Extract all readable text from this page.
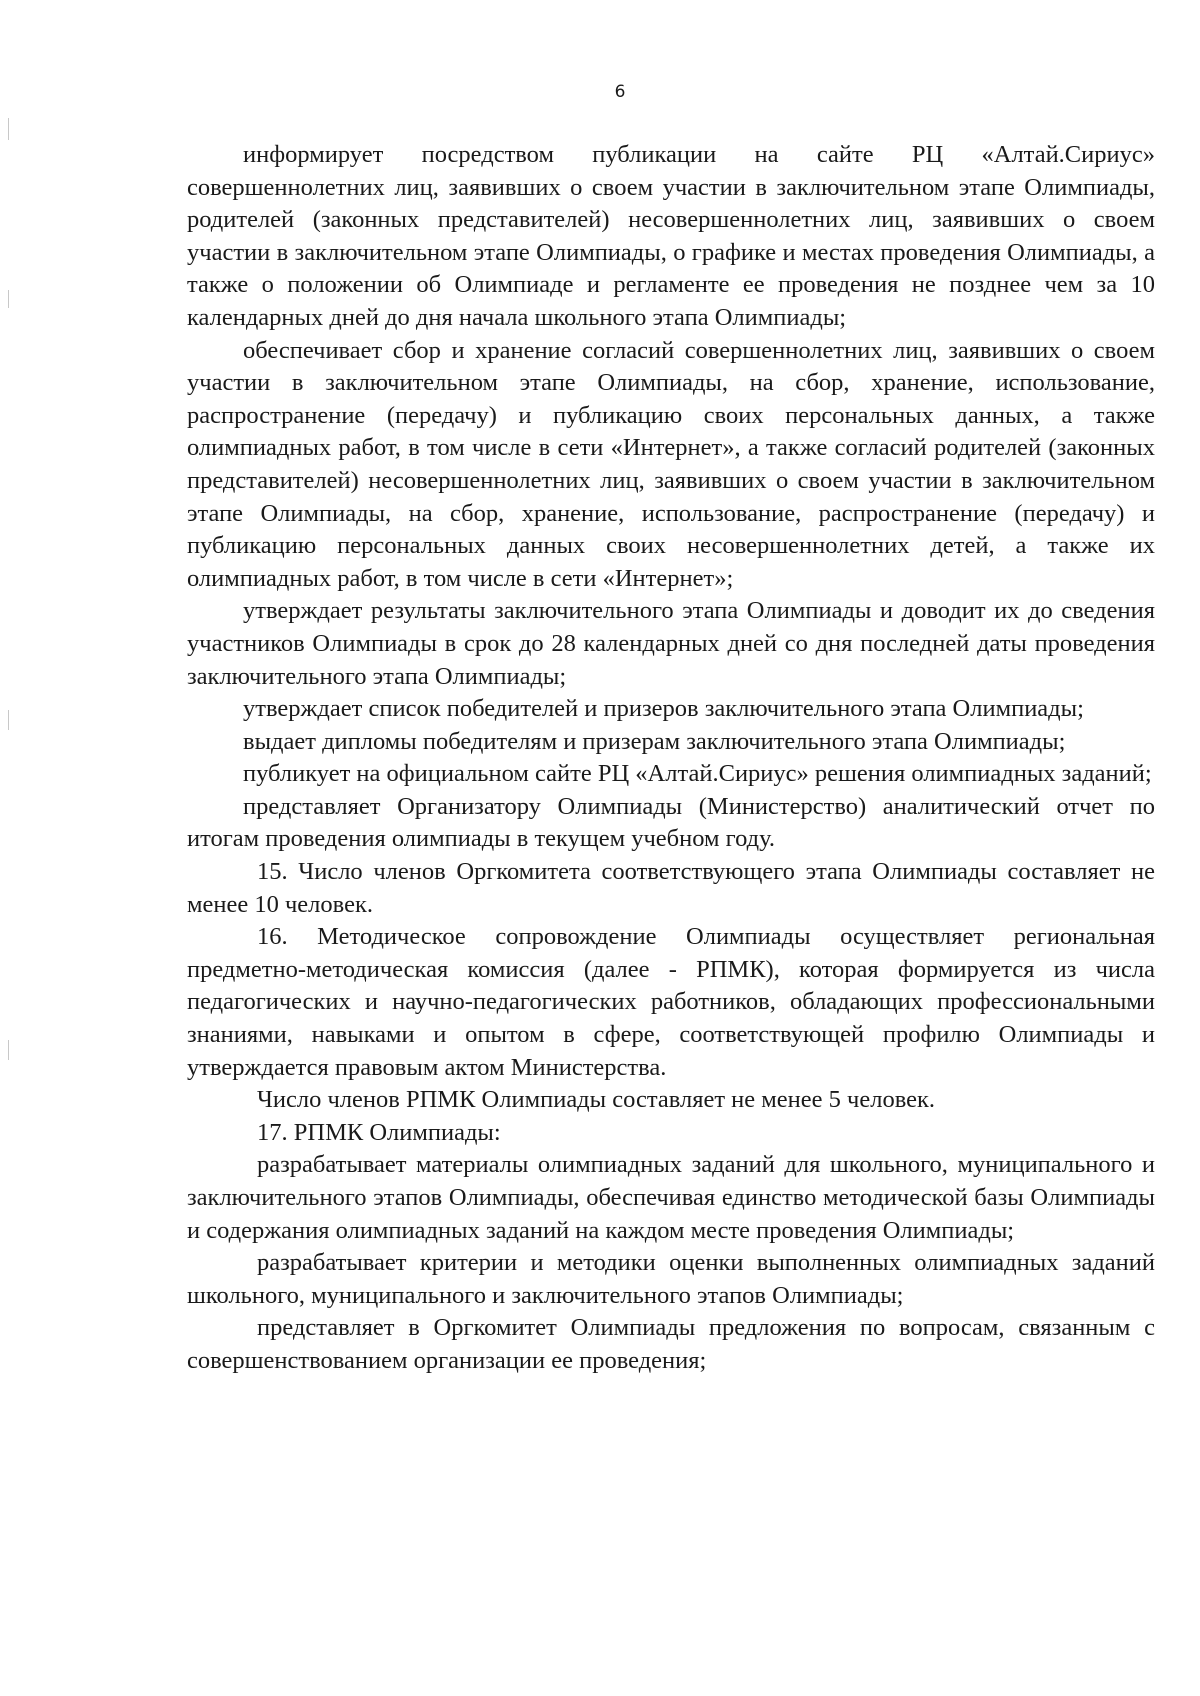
6

информирует посредством публикации на сайте РЦ «Алтай.Сириус» совершеннолетних лиц, заявивших о своем участии в заключительном этапе Олимпиады, родителей (законных представителей) несовершеннолетних лиц, заявивших о своем участии в заключительном этапе Олимпиады, о графике и местах проведения Олимпиады, а также о положении об Олимпиаде и регламенте ее проведения не позднее чем за 10 календарных дней до дня начала школьного этапа Олимпиады;

обеспечивает сбор и хранение согласий совершеннолетних лиц, заявивших о своем участии в заключительном этапе Олимпиады, на сбор, хранение, использование, распространение (передачу) и публикацию своих персональных данных, а также олимпиадных работ, в том числе в сети «Интернет», а также согласий родителей (законных представителей) несовершеннолетних лиц, заявивших о своем участии в заключительном этапе Олимпиады, на сбор, хранение, использование, распространение (передачу) и публикацию персональных данных своих несовершеннолетних детей, а также их олимпиадных работ, в том числе в сети «Интернет»;

утверждает результаты заключительного этапа Олимпиады и доводит их до сведения участников Олимпиады в срок до 28 календарных дней со дня последней даты проведения заключительного этапа Олимпиады;

утверждает список победителей и призеров заключительного этапа Олимпиады;

выдает дипломы победителям и призерам заключительного этапа Олимпиады;

публикует на официальном сайте РЦ «Алтай.Сириус» решения олимпиадных заданий;

представляет Организатору Олимпиады (Министерство) аналитический отчет по итогам проведения олимпиады в текущем учебном году.

15. Число членов Оргкомитета соответствующего этапа Олимпиады составляет не менее 10 человек.

16. Методическое сопровождение Олимпиады осуществляет региональная предметно-методическая комиссия (далее - РПМК), которая формируется из числа педагогических и научно-педагогических работников, обладающих профессиональными знаниями, навыками и опытом в сфере, соответствующей профилю Олимпиады и утверждается правовым актом Министерства.

Число членов РПМК Олимпиады составляет не менее 5 человек.

17. РПМК Олимпиады:

разрабатывает материалы олимпиадных заданий для школьного, муниципального и заключительного этапов Олимпиады, обеспечивая единство методической базы Олимпиады и содержания олимпиадных заданий на каждом месте проведения Олимпиады;

разрабатывает критерии и методики оценки выполненных олимпиадных заданий школьного, муниципального и заключительного этапов Олимпиады;

представляет в Оргкомитет Олимпиады предложения по вопросам, связанным с совершенствованием организации ее проведения;
